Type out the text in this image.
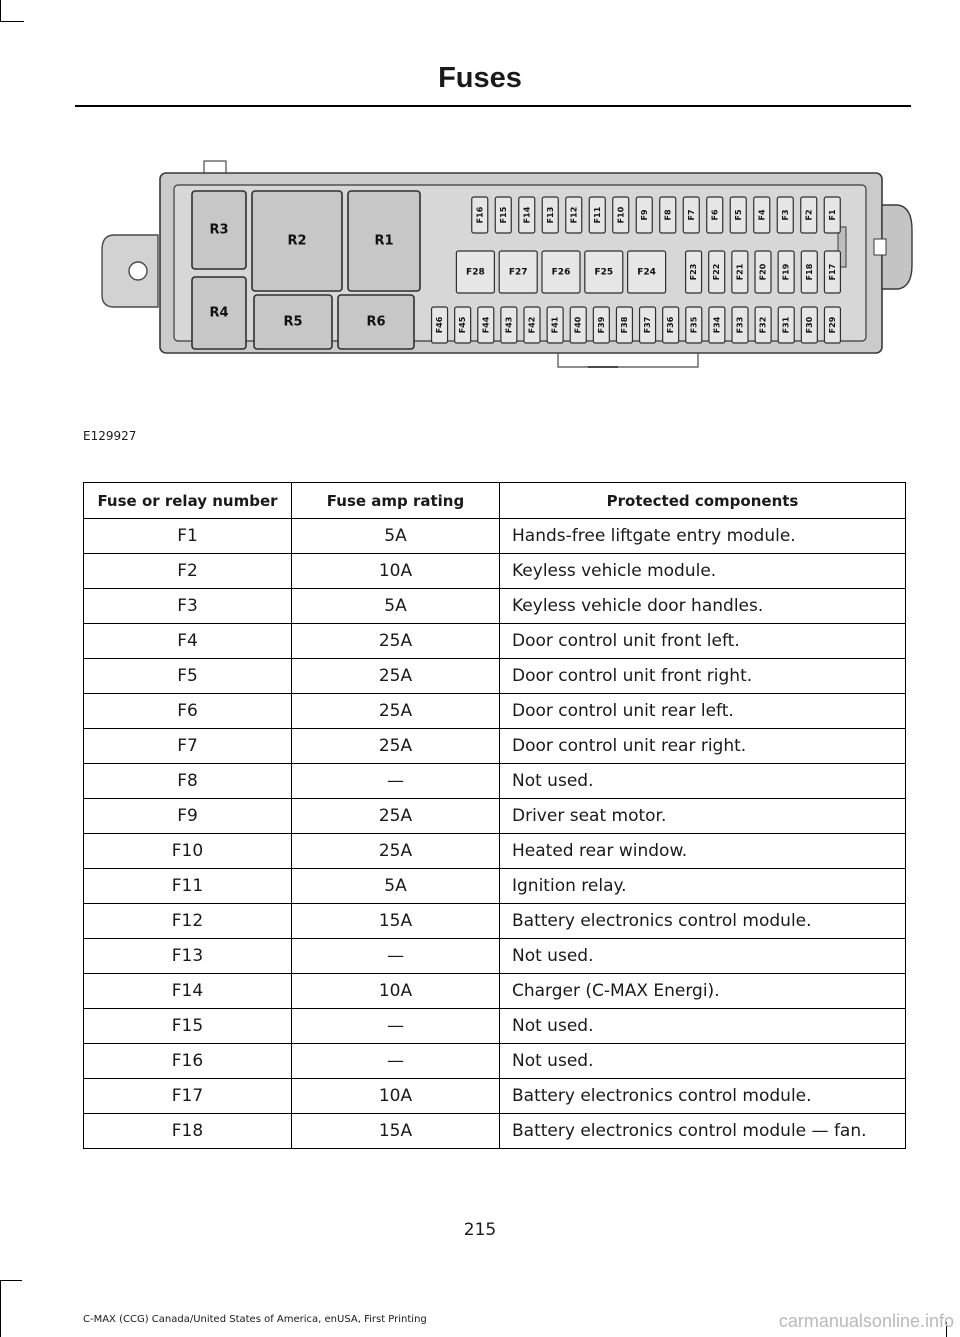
Fuses
R1
R2
R3
R4
R5	R6
F16 F15 F14 F13 F12 F11 F10 F9 F8 F7 F6 F5 F4 F3 F2 F1
F28	F27	F26	F25	F24	F23 F22 F21 F20 F19 F18 F17
F46 F45 F44 F43 F42 F41 F40 F39 F38 F37 F36 F35 F34 F33 F32 F31 F30 F29
E129927
Fuse or relay number	Fuse amp rating	Protected components
F1	5A	Hands-free liftgate entry module.
F2	10A	Keyless vehicle module.
F3	5A	Keyless vehicle door handles.
F4	25A	Door control unit front left.
F5	25A	Door control unit front right.
F6	25A	Door control unit rear left.
F7	25A	Door control unit rear right.
F8	—	Not used.
F9	25A	Driver seat motor.
F10	25A	Heated rear window.
F11	5A	Ignition relay.
F12	15A	Battery electronics control module.
F13	—	Not used.
F14	10A	Charger (C-MAX Energi).
F15	—	Not used.
F16	—	Not used.
F17	10A	Battery electronics control module.
F18	15A	Battery electronics control module — fan.
215
C-MAX (CCG) Canada/United States of America, enUSA, First Printing	carmanualsonline.info
